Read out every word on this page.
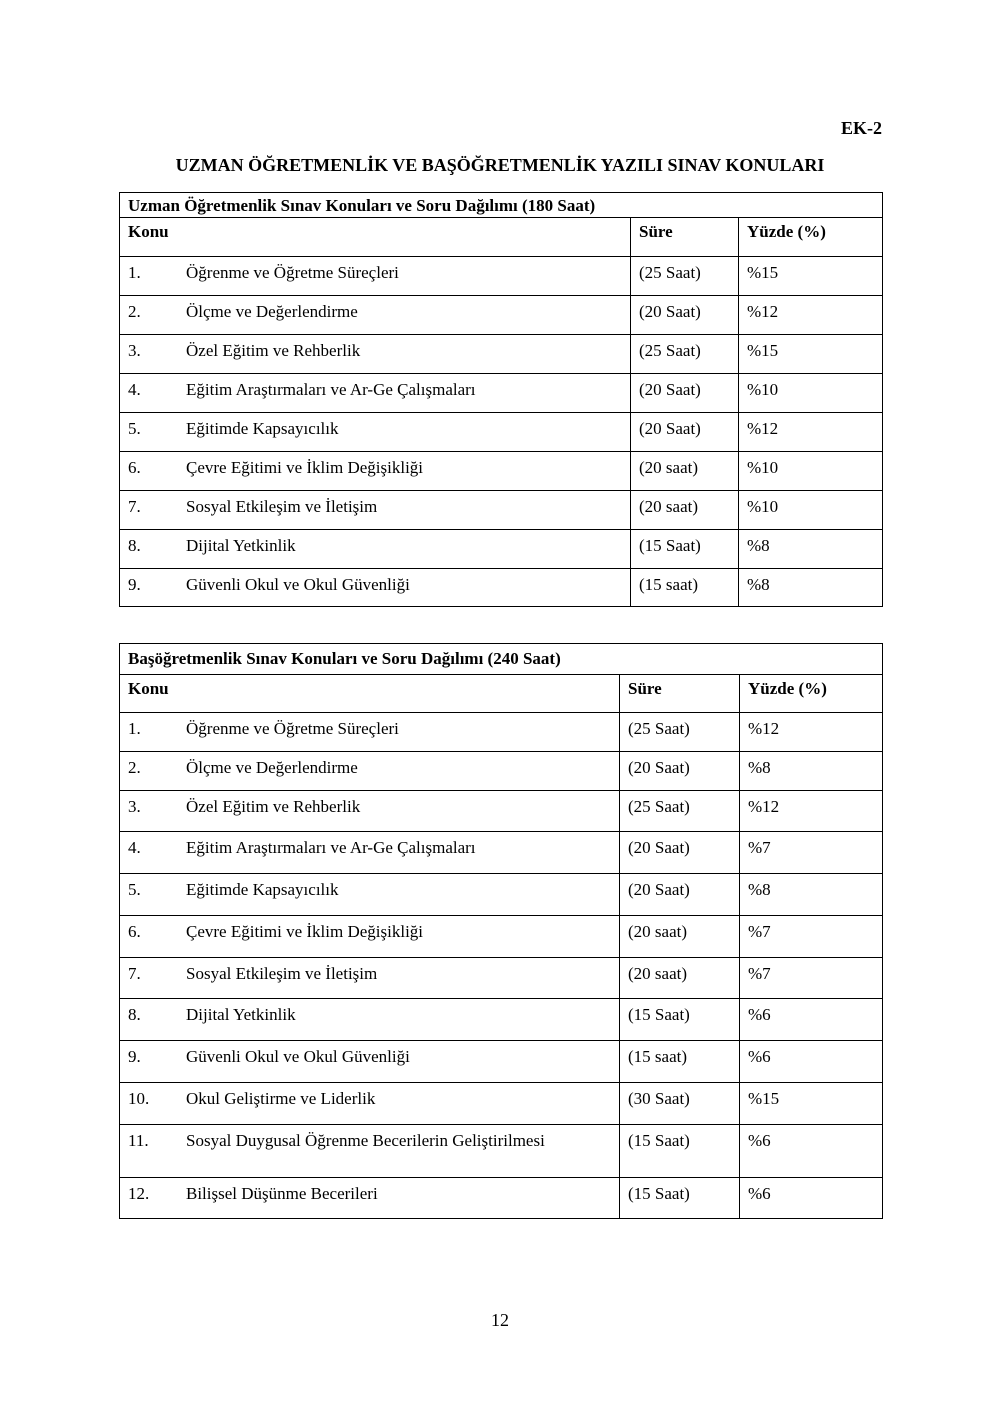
EK-2
UZMAN ÖĞRETMENLİK VE BAŞÖĞRETMENLİK YAZILI SINAV KONULARI
Uzman Öğretmenlik Sınav Konuları ve Soru Dağılımı (180 Saat)		
Konu	Süre	Yüzde (%)

1. Öğrenme ve Öğretme Süreçleri	(25 Saat)	%15

2. Ölçme ve Değerlendirme	(20 Saat)	%12

3. Özel Eğitim ve Rehberlik	(25 Saat)	%15

4. Eğitim Araştırmaları ve Ar-Ge Çalışmaları	(20 Saat)	%10

5. Eğitimde Kapsayıcılık	(20 Saat)	%12

6. Çevre Eğitimi ve İklim Değişikliği	(20 saat)	%10

7. Sosyal Etkileşim ve İletişim	(20 saat)	%10

8. Dijital Yetkinlik	(15 Saat)	%8

9. Güvenli Okul ve Okul Güvenliği	(15 saat)	%8
Başöğretmenlik Sınav Konuları ve Soru Dağılımı (240 Saat)		
Konu	Süre	Yüzde (%)

1. Öğrenme ve Öğretme Süreçleri	(25 Saat)	%12

2. Ölçme ve Değerlendirme	(20 Saat)	%8

3. Özel Eğitim ve Rehberlik	(25 Saat)	%12

4. Eğitim Araştırmaları ve Ar-Ge Çalışmaları	(20 Saat)	%7

5. Eğitimde Kapsayıcılık	(20 Saat)	%8

6. Çevre Eğitimi ve İklim Değişikliği	(20 saat)	%7

7. Sosyal Etkileşim ve İletişim	(20 saat)	%7

8. Dijital Yetkinlik	(15 Saat)	%6

9. Güvenli Okul ve Okul Güvenliği	(15 saat)	%6

10. Okul Geliştirme ve Liderlik	(30 Saat)	%15

11. Sosyal Duygusal Öğrenme Becerilerin Geliştirilmesi	(15 Saat)	%6

12. Bilişsel Düşünme Becerileri	(15 Saat)	%6
12
